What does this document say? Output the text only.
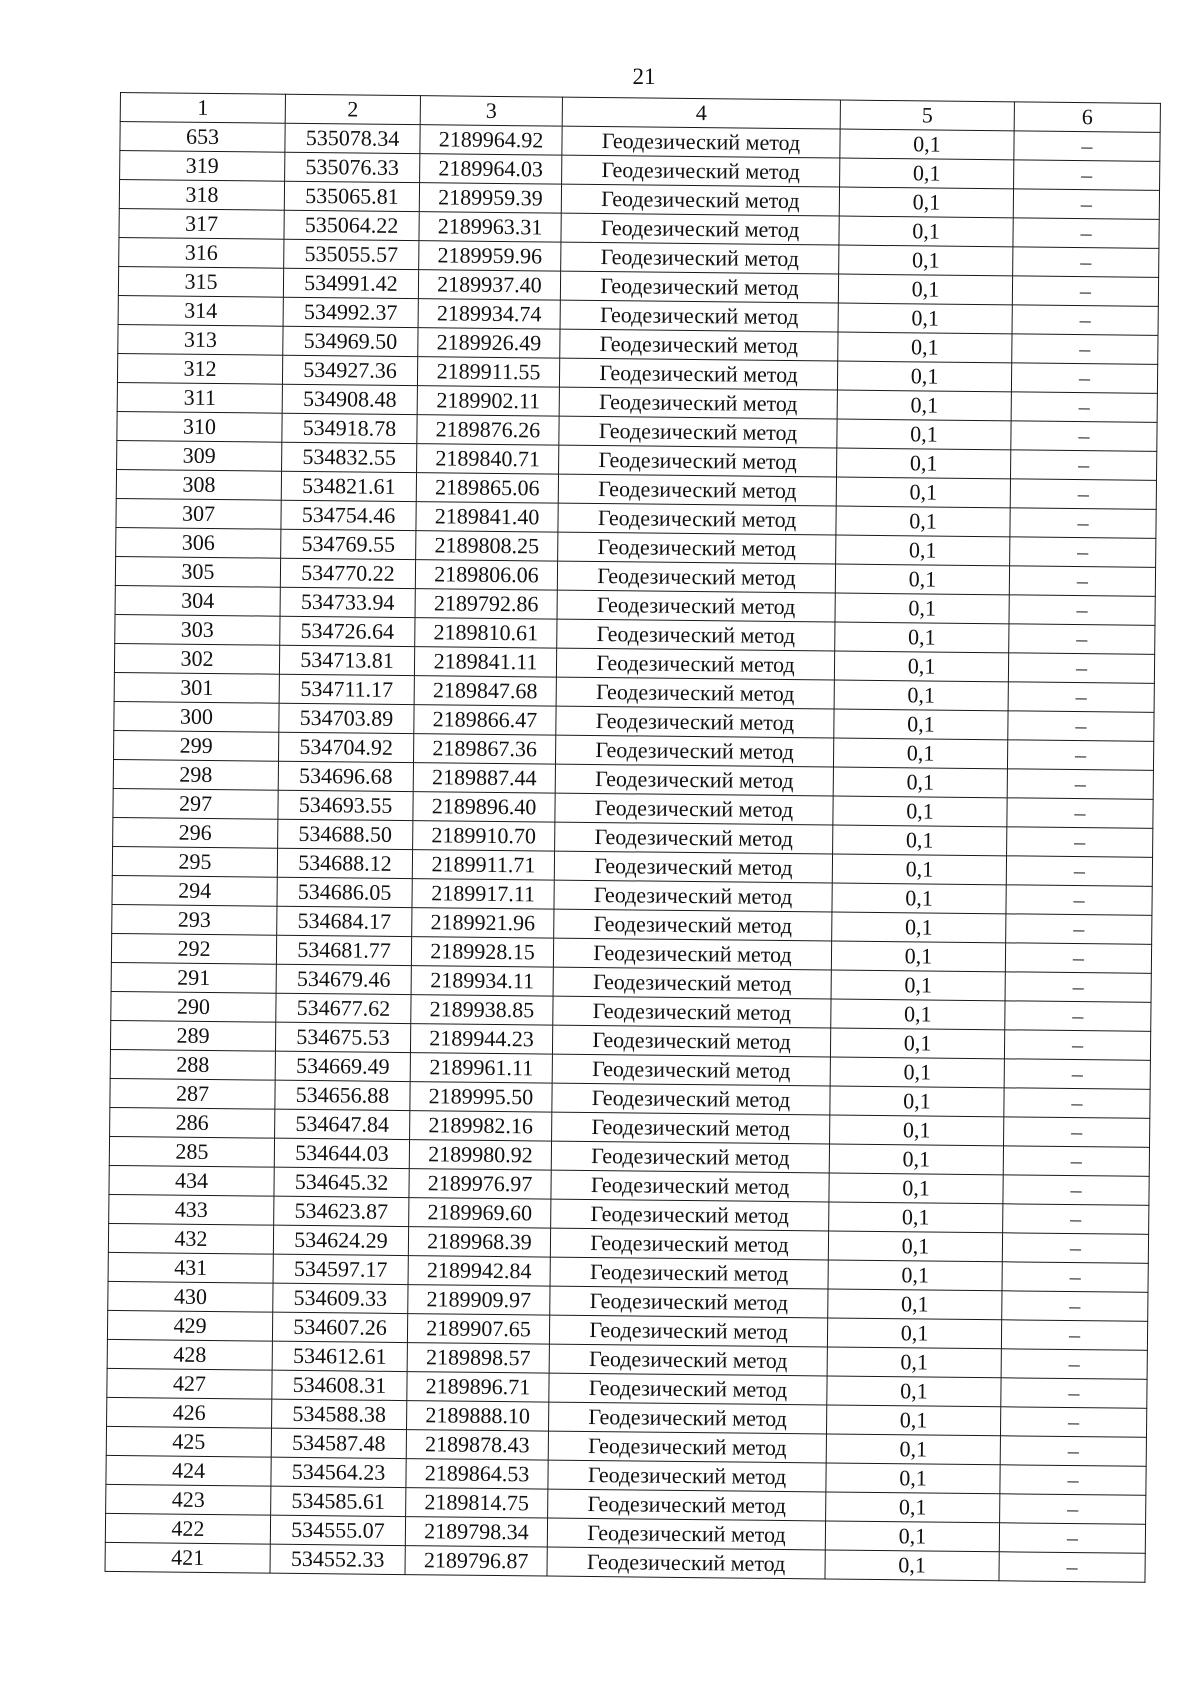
21
1	2	3	4	5	6
653	535078.34	2189964.92	Геодезический метод	0,1	–
319	535076.33	2189964.03	Геодезический метод	0,1	–
318	535065.81	2189959.39	Геодезический метод	0,1	–
317	535064.22	2189963.31	Геодезический метод	0,1	–
316	535055.57	2189959.96	Геодезический метод	0,1	–
315	534991.42	2189937.40	Геодезический метод	0,1	–
314	534992.37	2189934.74	Геодезический метод	0,1	–
313	534969.50	2189926.49	Геодезический метод	0,1	–
312	534927.36	2189911.55	Геодезический метод	0,1	–
311	534908.48	2189902.11	Геодезический метод	0,1	–
310	534918.78	2189876.26	Геодезический метод	0,1	–
309	534832.55	2189840.71	Геодезический метод	0,1	–
308	534821.61	2189865.06	Геодезический метод	0,1	–
307	534754.46	2189841.40	Геодезический метод	0,1	–
306	534769.55	2189808.25	Геодезический метод	0,1	–
305	534770.22	2189806.06	Геодезический метод	0,1	–
304	534733.94	2189792.86	Геодезический метод	0,1	–
303	534726.64	2189810.61	Геодезический метод	0,1	–
302	534713.81	2189841.11	Геодезический метод	0,1	–
301	534711.17	2189847.68	Геодезический метод	0,1	–
300	534703.89	2189866.47	Геодезический метод	0,1	–
299	534704.92	2189867.36	Геодезический метод	0,1	–
298	534696.68	2189887.44	Геодезический метод	0,1	–
297	534693.55	2189896.40	Геодезический метод	0,1	–
296	534688.50	2189910.70	Геодезический метод	0,1	–
295	534688.12	2189911.71	Геодезический метод	0,1	–
294	534686.05	2189917.11	Геодезический метод	0,1	–
293	534684.17	2189921.96	Геодезический метод	0,1	–
292	534681.77	2189928.15	Геодезический метод	0,1	–
291	534679.46	2189934.11	Геодезический метод	0,1	–
290	534677.62	2189938.85	Геодезический метод	0,1	–
289	534675.53	2189944.23	Геодезический метод	0,1	–
288	534669.49	2189961.11	Геодезический метод	0,1	–
287	534656.88	2189995.50	Геодезический метод	0,1	–
286	534647.84	2189982.16	Геодезический метод	0,1	–
285	534644.03	2189980.92	Геодезический метод	0,1	–
434	534645.32	2189976.97	Геодезический метод	0,1	–
433	534623.87	2189969.60	Геодезический метод	0,1	–
432	534624.29	2189968.39	Геодезический метод	0,1	–
431	534597.17	2189942.84	Геодезический метод	0,1	–
430	534609.33	2189909.97	Геодезический метод	0,1	–
429	534607.26	2189907.65	Геодезический метод	0,1	–
428	534612.61	2189898.57	Геодезический метод	0,1	–
427	534608.31	2189896.71	Геодезический метод	0,1	–
426	534588.38	2189888.10	Геодезический метод	0,1	–
425	534587.48	2189878.43	Геодезический метод	0,1	–
424	534564.23	2189864.53	Геодезический метод	0,1	–
423	534585.61	2189814.75	Геодезический метод	0,1	–
422	534555.07	2189798.34	Геодезический метод	0,1	–
421	534552.33	2189796.87	Геодезический метод	0,1	–
